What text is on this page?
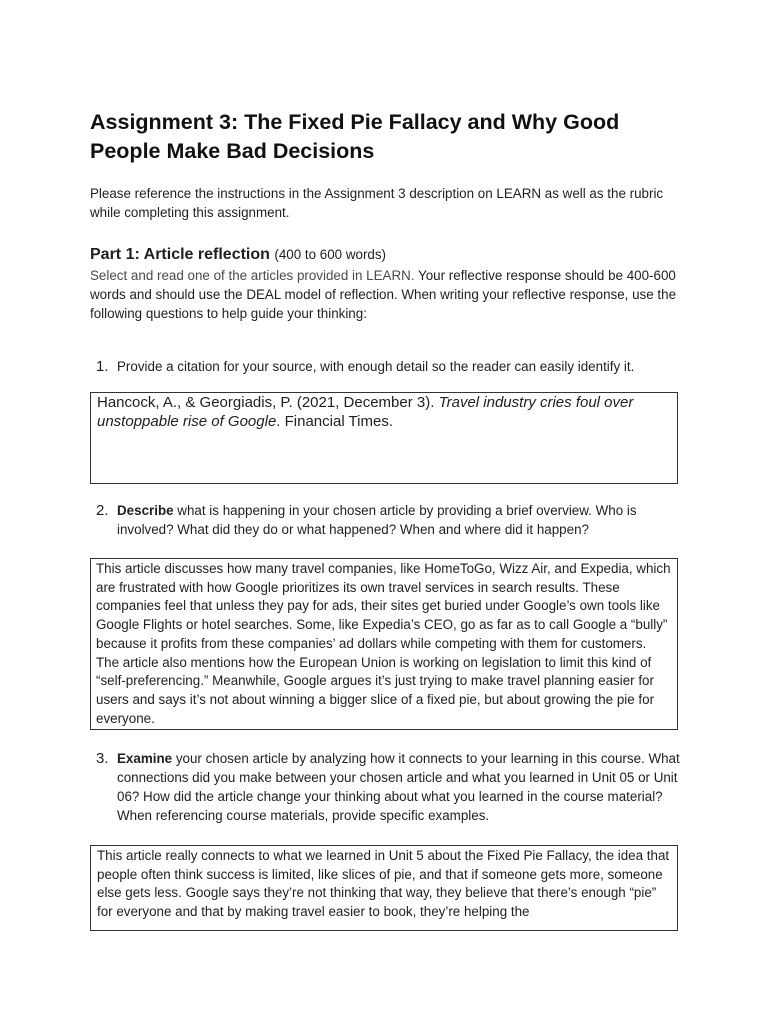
Assignment 3: The Fixed Pie Fallacy and Why Good People Make Bad Decisions
Please reference the instructions in the Assignment 3 description on LEARN as well as the rubric while completing this assignment.
Part 1: Article reflection (400 to 600 words)
Select and read one of the articles provided in LEARN. Your reflective response should be 400-600 words and should use the DEAL model of reflection. When writing your reflective response, use the following questions to help guide your thinking:
1. Provide a citation for your source, with enough detail so the reader can easily identify it.
Hancock, A., & Georgiadis, P. (2021, December 3). Travel industry cries foul over unstoppable rise of Google. Financial Times.
2. Describe what is happening in your chosen article by providing a brief overview. Who is involved? What did they do or what happened? When and where did it happen?
This article discusses how many travel companies, like HomeToGo, Wizz Air, and Expedia, which are frustrated with how Google prioritizes its own travel services in search results. These companies feel that unless they pay for ads, their sites get buried under Google’s own tools like Google Flights or hotel searches. Some, like Expedia’s CEO, go as far as to call Google a “bully” because it profits from these companies’ ad dollars while competing with them for customers. The article also mentions how the European Union is working on legislation to limit this kind of “self-preferencing.” Meanwhile, Google argues it’s just trying to make travel planning easier for users and says it’s not about winning a bigger slice of a fixed pie, but about growing the pie for everyone.
3. Examine your chosen article by analyzing how it connects to your learning in this course. What connections did you make between your chosen article and what you learned in Unit 05 or Unit 06? How did the article change your thinking about what you learned in the course material? When referencing course materials, provide specific examples.
This article really connects to what we learned in Unit 5 about the Fixed Pie Fallacy, the idea that people often think success is limited, like slices of pie, and that if someone gets more, someone else gets less. Google says they’re not thinking that way, they believe that there’s enough “pie” for everyone and that by making travel easier to book, they’re helping the
